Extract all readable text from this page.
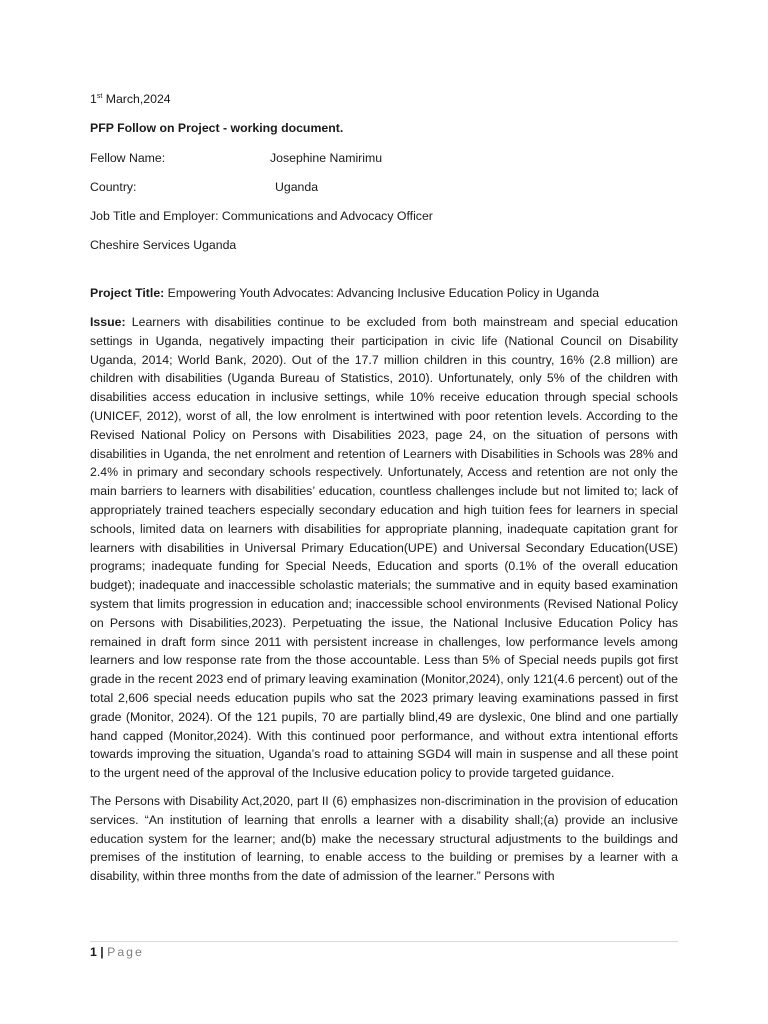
1st March,2024
PFP Follow on Project - working document.
Fellow Name:	Josephine Namirimu
Country:	Uganda
Job Title and Employer: Communications and Advocacy Officer
Cheshire Services Uganda
Project Title: Empowering Youth Advocates: Advancing Inclusive Education Policy in Uganda

Issue: Learners with disabilities continue to be excluded from both mainstream and special education settings in Uganda, negatively impacting their participation in civic life (National Council on Disability Uganda, 2014; World Bank, 2020). Out of the 17.7 million children in this country, 16% (2.8 million) are children with disabilities (Uganda Bureau of Statistics, 2010). Unfortunately, only 5% of the children with disabilities access education in inclusive settings, while 10% receive education through special schools (UNICEF, 2012), worst of all, the low enrolment is intertwined with poor retention levels. According to the Revised National Policy on Persons with Disabilities 2023, page 24, on the situation of persons with disabilities in Uganda, the net enrolment and retention of Learners with Disabilities in Schools was 28% and 2.4% in primary and secondary schools respectively. Unfortunately, Access and retention are not only the main barriers to learners with disabilities’ education, countless challenges include but not limited to; lack of appropriately trained teachers especially secondary education and high tuition fees for learners in special schools, limited data on learners with disabilities for appropriate planning, inadequate capitation grant for learners with disabilities in Universal Primary Education(UPE) and Universal Secondary Education(USE) programs; inadequate funding for Special Needs, Education and sports (0.1% of the overall education budget); inadequate and inaccessible scholastic materials; the summative and in equity based examination system that limits progression in education and; inaccessible school environments (Revised National Policy on Persons with Disabilities,2023). Perpetuating the issue, the National Inclusive Education Policy has remained in draft form since 2011 with persistent increase in challenges, low performance levels among learners and low response rate from the those accountable. Less than 5% of Special needs pupils got first grade in the recent 2023 end of primary leaving examination (Monitor,2024), only 121(4.6 percent) out of the total 2,606 special needs education pupils who sat the 2023 primary leaving examinations passed in first grade (Monitor, 2024). Of the 121 pupils, 70 are partially blind,49 are dyslexic, 0ne blind and one partially hand capped (Monitor,2024). With this continued poor performance, and without extra intentional efforts towards improving the situation, Uganda’s road to attaining SGD4 will main in suspense and all these point to the urgent need of the approval of the Inclusive education policy to provide targeted guidance.

The Persons with Disability Act,2020, part II (6) emphasizes non-discrimination in the provision of education services. “An institution of learning that enrolls a learner with a disability shall;(a) provide an inclusive education system for the learner; and(b) make the necessary structural adjustments to the buildings and premises of the institution of learning, to enable access to the building or premises by a learner with a disability, within three months from the date of admission of the learner.” Persons with

1 | Page
